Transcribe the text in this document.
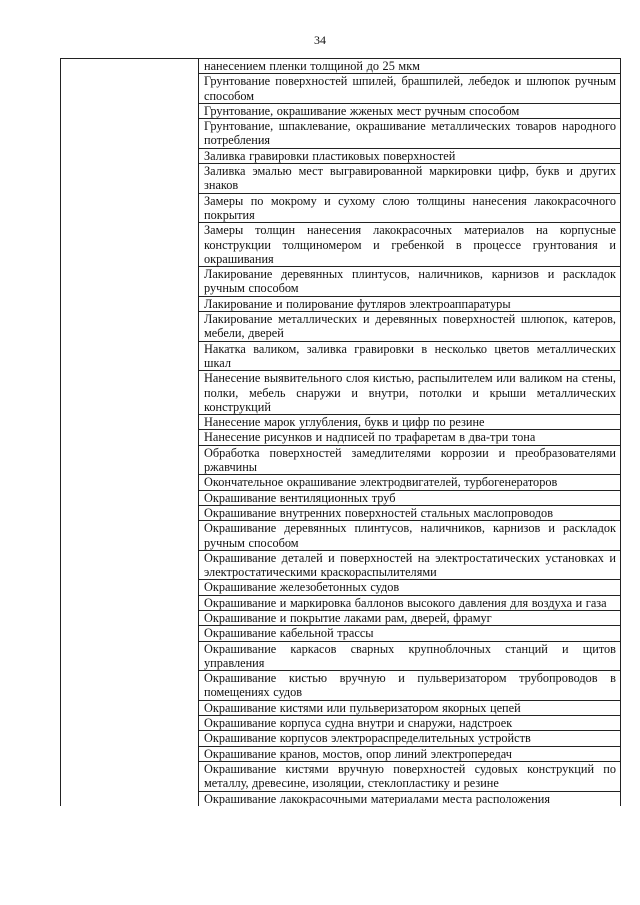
34
	нанесением пленки толщиной до 25 мкм
Грунтование поверхностей шпилей, брашпилей, лебедок и шлюпок ручным способом
Грунтование, окрашивание жженых мест ручным способом
Грунтование, шпаклевание, окрашивание металлических товаров народного потребления
Заливка гравировки пластиковых поверхностей
Заливка эмалью мест выгравированной маркировки цифр, букв и других знаков
Замеры по мокрому и сухому слою толщины нанесения лакокрасочного покрытия
Замеры толщин нанесения лакокрасочных материалов на корпусные конструкции толщиномером и гребенкой в процессе грунтования и окрашивания
Лакирование деревянных плинтусов, наличников, карнизов и раскладок ручным способом
Лакирование и полирование футляров электроаппаратуры
Лакирование металлических и деревянных поверхностей шлюпок, катеров, мебели, дверей
Накатка валиком, заливка гравировки в несколько цветов металлических шкал
Нанесение выявительного слоя кистью, распылителем или валиком на стены, полки, мебель снаружи и внутри, потолки и крыши металлических конструкций
Нанесение марок углубления, букв и цифр по резине
Нанесение рисунков и надписей по трафаретам в два-три тона
Обработка поверхностей замедлителями коррозии и преобразователями ржавчины
Окончательное окрашивание электродвигателей, турбогенераторов
Окрашивание вентиляционных труб
Окрашивание внутренних поверхностей стальных маслопроводов
Окрашивание деревянных плинтусов, наличников, карнизов и раскладок ручным способом
Окрашивание деталей и поверхностей на электростатических установках и электростатическими краскораспылителями
Окрашивание железобетонных судов
Окрашивание и маркировка баллонов высокого давления для воздуха и газа
Окрашивание и покрытие лаками рам, дверей, фрамуг
Окрашивание кабельной трассы
Окрашивание каркасов сварных крупноблочных станций и щитов управления
Окрашивание кистью вручную и пульверизатором трубопроводов в помещениях судов
Окрашивание кистями или пульверизатором якорных цепей
Окрашивание корпуса судна внутри и снаружи, надстроек
Окрашивание корпусов электрораспределительных устройств
Окрашивание кранов, мостов, опор линий электропередач
Окрашивание кистями вручную поверхностей судовых конструкций по металлу, древесине, изоляции, стеклопластику и резине
Окрашивание лакокрасочными материалами места расположения
